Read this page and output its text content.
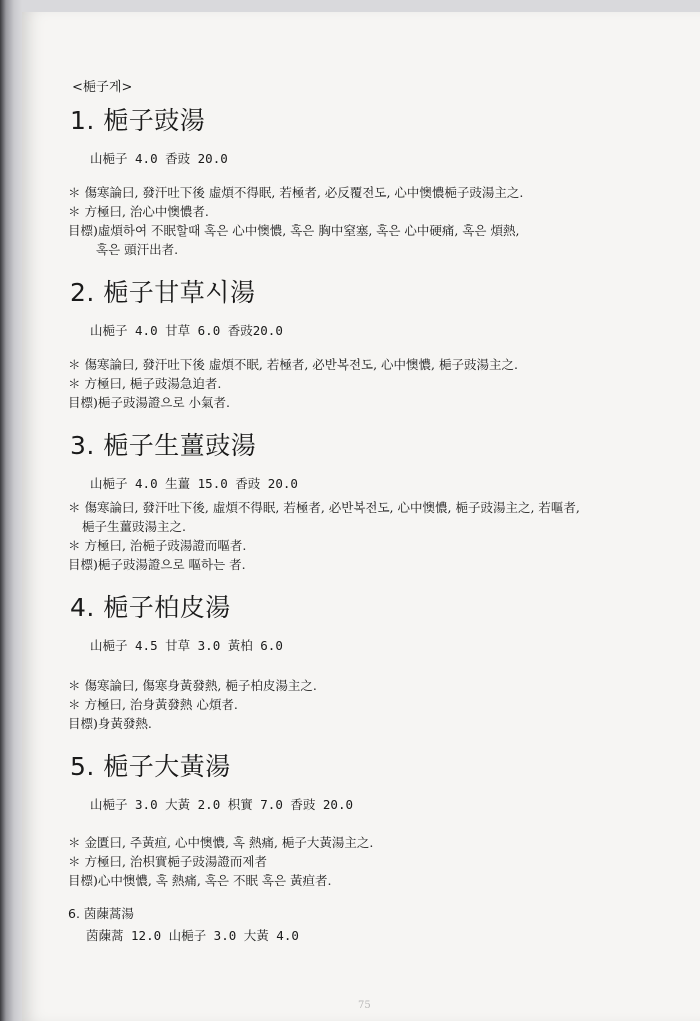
<梔子게>
1. 梔子豉湯
山梔子 4.0 香豉 20.0

＊ 傷寒論曰, 發汗吐下後 虛煩不得眠, 若極者, 必反覆전도, 心中懊憹梔子豉湯主之.

＊ 方極曰, 治心中懊憹者.

目標)虛煩하여 不眠할때 혹은 心中懊憹, 혹은 胸中窒塞, 혹은 心中硬痛, 혹은 煩熱,

혹은 頭汗出者.

2. 梔子甘草시湯
山梔子 4.0 甘草 6.0 香豉20.0

＊ 傷寒論曰, 發汗吐下後 虛煩不眠, 若極者, 必반복전도, 心中懊憹, 梔子豉湯主之.

＊ 方極曰, 梔子豉湯急迫者.

目標)梔子豉湯證으로 小氣者.

3. 梔子生薑豉湯
山梔子 4.0 生薑 15.0 香豉 20.0

＊ 傷寒論曰, 發汗吐下後, 虛煩不得眠, 若極者, 必반복전도, 心中懊憹, 梔子豉湯主之, 若嘔者,

梔子生薑豉湯主之.

＊ 方極曰, 治梔子豉湯證而嘔者.

目標)梔子豉湯證으로 嘔하는 者.

4. 梔子柏皮湯
山梔子 4.5 甘草 3.0 黃柏 6.0

＊ 傷寒論曰, 傷寒身黃發熱, 梔子柏皮湯主之.

＊ 方極曰, 治身黃發熱 心煩者.

目標)身黃發熱.

5. 梔子大黃湯
山梔子 3.0 大黃 2.0 枳實 7.0 香豉 20.0

＊ 金匱曰, 주黃疸, 心中懊憹, 혹 熱痛, 梔子大黃湯主之.

＊ 方極曰, 治枳實梔子豉湯證而제者

目標)心中懊憹, 혹 熱痛, 혹은 不眠 혹은 黃疸者.

6. 茵蔯蒿湯
茵蔯蒿 12.0 山梔子 3.0 大黃 4.0
75
